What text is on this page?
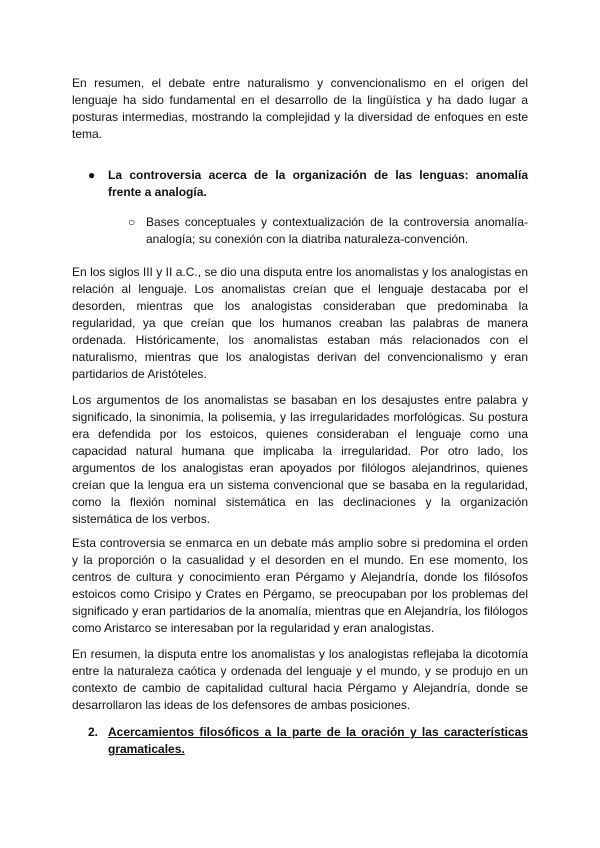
En resumen, el debate entre naturalismo y convencionalismo en el origen del lenguaje ha sido fundamental en el desarrollo de la lingüística y ha dado lugar a posturas intermedias, mostrando la complejidad y la diversidad de enfoques en este tema.

●	La controversia acerca de la organización de las lenguas: anomalía frente a analogía.
○ Bases conceptuales y contextualización de la controversia anomalía-analogía; su conexión con la diatriba naturaleza-convención.

En los siglos III y II a.C., se dio una disputa entre los anomalistas y los analogistas en relación al lenguaje. Los anomalistas creían que el lenguaje destacaba por el desorden, mientras que los analogistas consideraban que predominaba la regularidad, ya que creían que los humanos creaban las palabras de manera ordenada. Históricamente, los anomalistas estaban más relacionados con el naturalismo, mientras que los analogistas derivan del convencionalismo y eran partidarios de Aristóteles.

Los argumentos de los anomalistas se basaban en los desajustes entre palabra y significado, la sinonimia, la polisemia, y las irregularidades morfológicas. Su postura era defendida por los estoicos, quienes consideraban el lenguaje como una capacidad natural humana que implicaba la irregularidad. Por otro lado, los argumentos de los analogistas eran apoyados por filólogos alejandrinos, quienes creían que la lengua era un sistema convencional que se basaba en la regularidad, como la flexión nominal sistemática en las declinaciones y la organización sistemática de los verbos.

Esta controversia se enmarca en un debate más amplio sobre si predomina el orden y la proporción o la casualidad y el desorden en el mundo. En ese momento, los centros de cultura y conocimiento eran Pérgamo y Alejandría, donde los filósofos estoicos como Crisipo y Crates en Pérgamo, se preocupaban por los problemas del significado y eran partidarios de la anomalía, mientras que en Alejandría, los filólogos como Aristarco se interesaban por la regularidad y eran analogistas.

En resumen, la disputa entre los anomalistas y los analogistas reflejaba la dicotomía entre la naturaleza caótica y ordenada del lenguaje y el mundo, y se produjo en un contexto de cambio de capitalidad cultural hacia Pérgamo y Alejandría, donde se desarrollaron las ideas de los defensores de ambas posiciones.

2. Acercamientos filosóficos a la parte de la oración y las características gramaticales.
